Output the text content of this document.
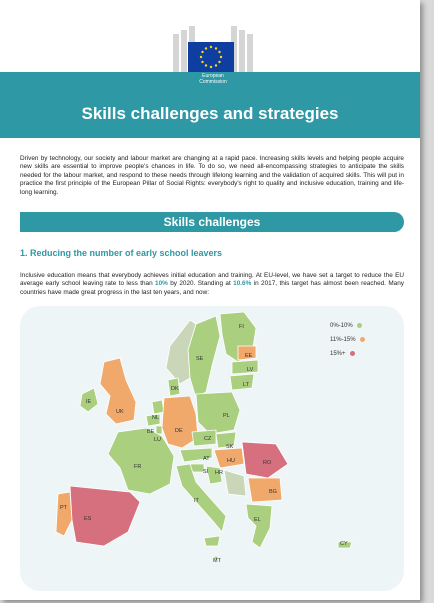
European
Commission
Skills challenges and strategies
Driven by technology, our society and labour market are changing at a rapid pace. Increasing skills levels and helping people acquire new skills are essential to improve people's chances in life. To do so, we need all-encompassing strategies to anticipate the skills needed for the labour market, and respond to these needs through lifelong learning and the validation of acquired skills. This will put in practice the first principle of the European Pillar of Social Rights: everybody's right to quality and inclusive education, training and life-long learning.
Skills challenges
1. Reducing the number of early school leavers
Inclusive education means that everybody achieves initial education and training. At EU-level, we have set a target to reduce the EU average early school leaving rate to less than 10% by 2020. Standing at 10.6% in 2017, this target has almost been reached. Many countries have made great progress in the last ten years, and now:
FI
SE	EE
LV
LT
DK
IE
UK
NL
BE
LU
DE
PL
CZ
SK
AT	HU	RO
SI HR
FR
IT
BG
PT
ES	EL
CY
MT
0%-10%
11%-15%
15%+
